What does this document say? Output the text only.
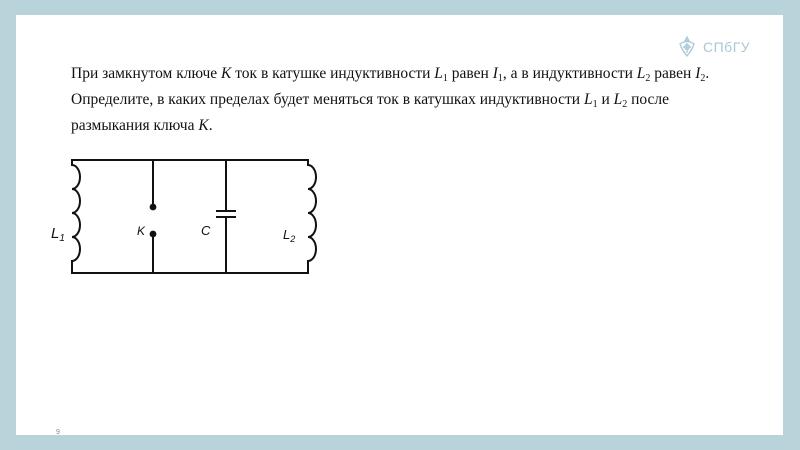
СПбГУ

При замкнутом ключе K ток в катушке индуктивности $L_1$ равен $I_1$, а в индуктивности $L_2$ равен $I_2$. Определите, в каких пределах будет меняться ток в катушках индуктивности $L_1$ и $L_2$ после размыкания ключа K.

$L_1$
K	C	$L_2$
9
